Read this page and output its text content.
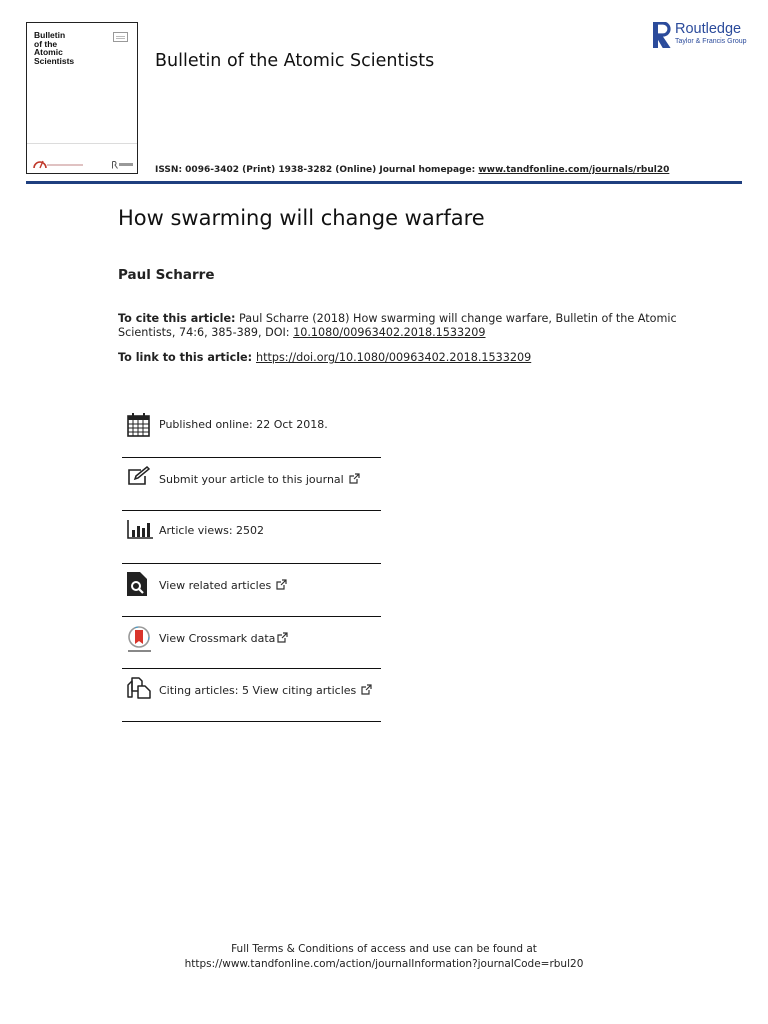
Bulletin
of the
Atomic
Scientists	Bulletin of the Atomic Scientists
Routledge
Taylor & Francis Group
ISSN: 0096-3402 (Print) 1938-3282 (Online) Journal homepage: www.tandfonline.com/journals/rbul20
How swarming will change warfare
Paul Scharre
To cite this article: Paul Scharre (2018) How swarming will change warfare, Bulletin of the Atomic Scientists, 74:6, 385-389, DOI: 10.1080/00963402.2018.1533209
To link to this article: https://doi.org/10.1080/00963402.2018.1533209
Published online: 22 Oct 2018.
Submit your article to this journal
Article views: 2502
View related articles
View Crossmark data
Citing articles: 5 View citing articles
Full Terms & Conditions of access and use can be found at
https://www.tandfonline.com/action/journalInformation?journalCode=rbul20
